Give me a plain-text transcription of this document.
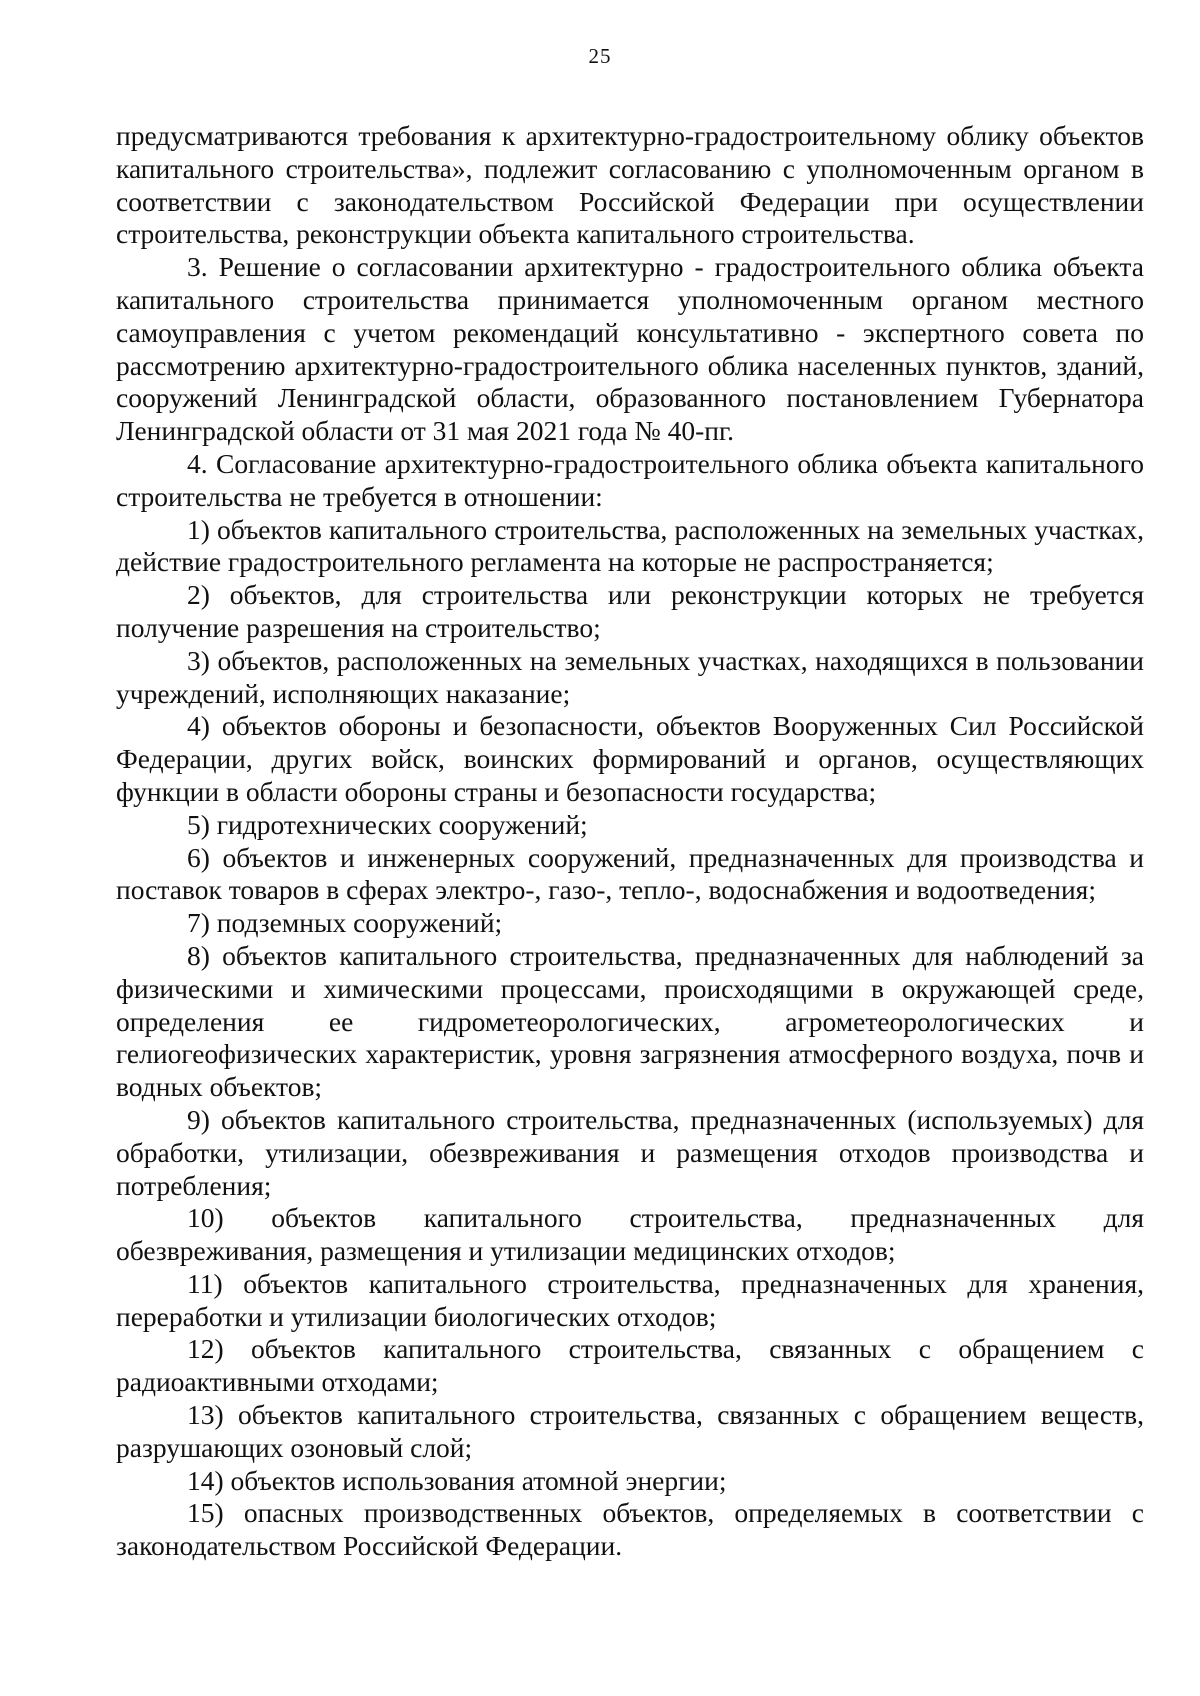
25

предусматриваются требования к архитектурно-градостроительному облику объектов капитального строительства», подлежит согласованию с уполномоченным органом в соответствии с законодательством Российской Федерации при осуществлении строительства, реконструкции объекта капитального строительства.

3. Решение о согласовании архитектурно - градостроительного облика объекта капитального строительства принимается уполномоченным органом местного самоуправления с учетом рекомендаций консультативно - экспертного совета по рассмотрению архитектурно-градостроительного облика населенных пунктов, зданий, сооружений Ленинградской области, образованного постановлением Губернатора Ленинградской области от 31 мая 2021 года № 40-пг.

4. Согласование архитектурно-градостроительного облика объекта капитального строительства не требуется в отношении:

1) объектов капитального строительства, расположенных на земельных участках, действие градостроительного регламента на которые не распространяется;

2) объектов, для строительства или реконструкции которых не требуется получение разрешения на строительство;

3) объектов, расположенных на земельных участках, находящихся в пользовании учреждений, исполняющих наказание;

4) объектов обороны и безопасности, объектов Вооруженных Сил Российской Федерации, других войск, воинских формирований и органов, осуществляющих функции в области обороны страны и безопасности государства;

5) гидротехнических сооружений;

6) объектов и инженерных сооружений, предназначенных для производства и поставок товаров в сферах электро-, газо-, тепло-, водоснабжения и водоотведения;

7) подземных сооружений;

8) объектов капитального строительства, предназначенных для наблюдений за физическими и химическими процессами, происходящими в окружающей среде, определения ее гидрометеорологических, агрометеорологических и гелиогеофизических характеристик, уровня загрязнения атмосферного воздуха, почв и водных объектов;

9) объектов капитального строительства, предназначенных (используемых) для обработки, утилизации, обезвреживания и размещения отходов производства и потребления;

10) объектов капитального строительства, предназначенных для обезвреживания, размещения и утилизации медицинских отходов;

11) объектов капитального строительства, предназначенных для хранения, переработки и утилизации биологических отходов;

12) объектов капитального строительства, связанных с обращением с радиоактивными отходами;

13) объектов капитального строительства, связанных с обращением веществ, разрушающих озоновый слой;

14) объектов использования атомной энергии;

15) опасных производственных объектов, определяемых в соответствии с законодательством Российской Федерации.
